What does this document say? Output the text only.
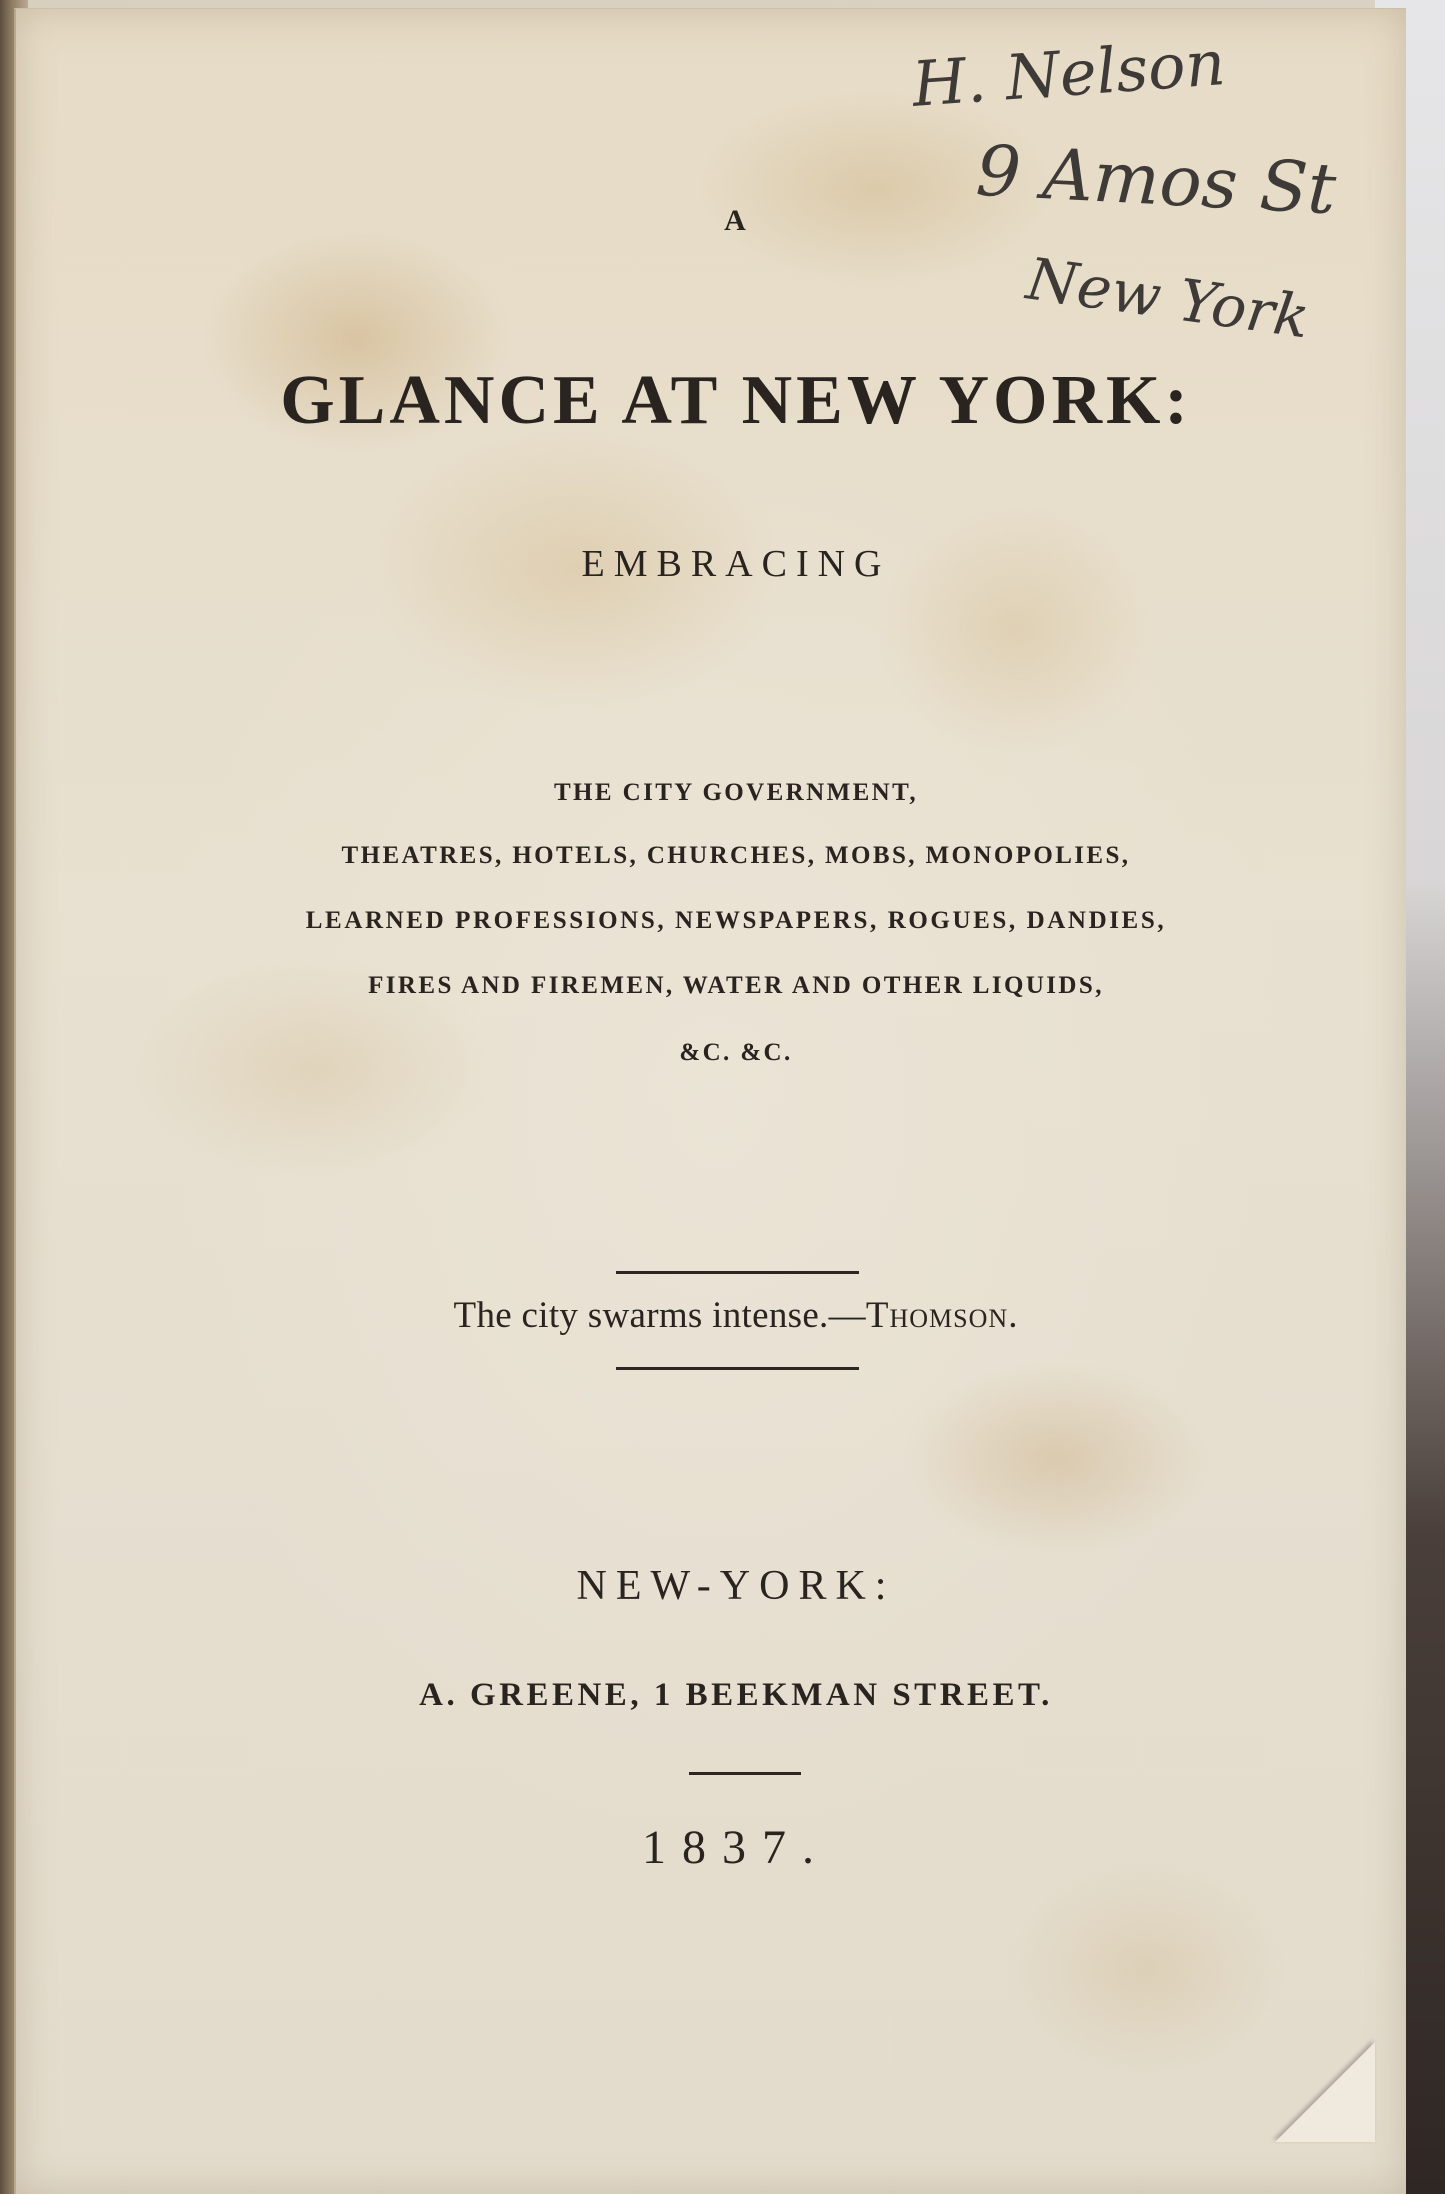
A
GLANCE AT NEW YORK:
EMBRACING
THE CITY GOVERNMENT,
THEATRES, HOTELS, CHURCHES, MOBS, MONOPOLIES,
LEARNED PROFESSIONS, NEWSPAPERS, ROGUES, DANDIES,
FIRES AND FIREMEN, WATER AND OTHER LIQUIDS,
&C. &C.
The city swarms intense.—Thomson.
NEW-YORK:
A. GREENE, 1 BEEKMAN STREET.
1837.
H. Nelson
9 Amos St
New York
